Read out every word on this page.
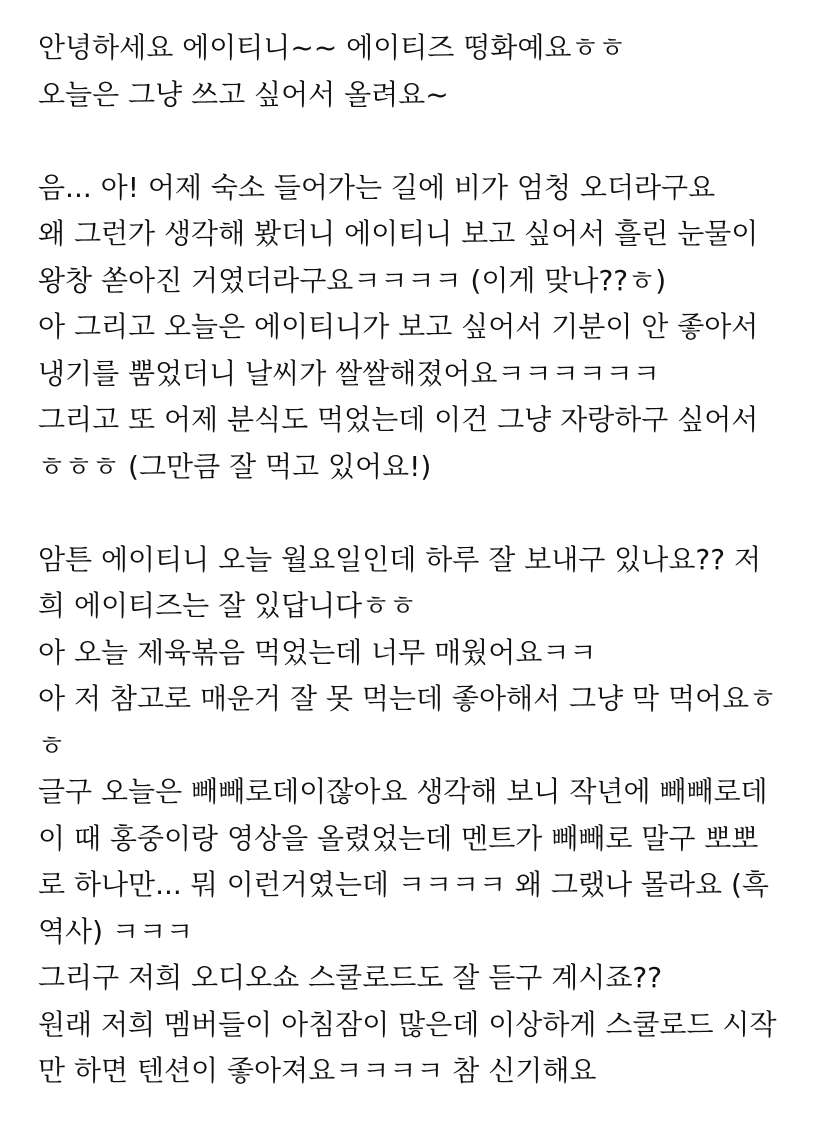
안녕하세요 에이티니~~ 에이티즈 떵화예요ㅎㅎ
오늘은 그냥 쓰고 싶어서 올려요~
음... 아! 어제 숙소 들어가는 길에 비가 엄청 오더라구요
왜 그런가 생각해 봤더니 에이티니 보고 싶어서 흘린 눈물이
왕창 쏟아진 거였더라구요ㅋㅋㅋㅋ (이게 맞나??ㅎ)
아 그리고 오늘은 에이티니가 보고 싶어서 기분이 안 좋아서
냉기를 뿜었더니 날씨가 쌀쌀해졌어요ㅋㅋㅋㅋㅋㅋ
그리고 또 어제 분식도 먹었는데 이건 그냥 자랑하구 싶어서
ㅎㅎㅎ (그만큼 잘 먹고 있어요!)
암튼 에이티니 오늘 월요일인데 하루 잘 보내구 있나요?? 저
희 에이티즈는 잘 있답니다ㅎㅎ
아 오늘 제육볶음 먹었는데 너무 매웠어요ㅋㅋ
아 저 참고로 매운거 잘 못 먹는데 좋아해서 그냥 막 먹어요ㅎ
ㅎ
글구 오늘은 빼빼로데이잖아요 생각해 보니 작년에 빼빼로데
이 때 홍중이랑 영상을 올렸었는데 멘트가 빼빼로 말구 뽀뽀
로 하나만... 뭐 이런거였는데 ㅋㅋㅋㅋ 왜 그랬나 몰라요 (흑
역사) ㅋㅋㅋ
그리구 저희 오디오쇼 스쿨로드도 잘 듣구 계시죠??
원래 저희 멤버들이 아침잠이 많은데 이상하게 스쿨로드 시작
만 하면 텐션이 좋아져요ㅋㅋㅋㅋ 참 신기해요
